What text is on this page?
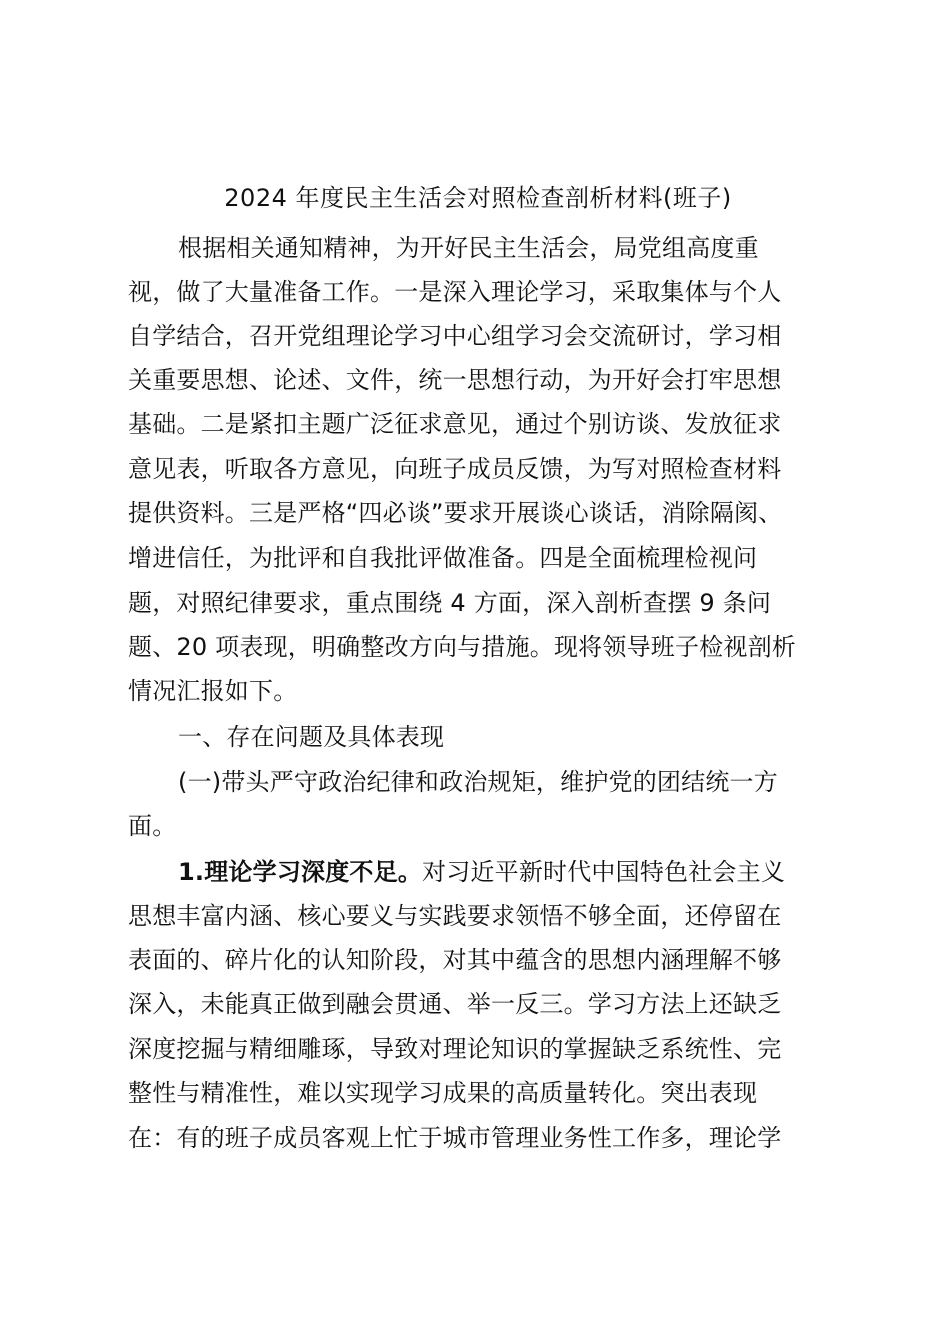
2024 年度民主生活会对照检查剖析材料(班子)
根据相关通知精神，为开好民主生活会，局党组高度重
视，做了大量准备工作。一是深入理论学习，采取集体与个人
自学结合，召开党组理论学习中心组学习会交流研讨，学习相
关重要思想、论述、文件，统一思想行动，为开好会打牢思想
基础。二是紧扣主题广泛征求意见，通过个别访谈、发放征求
意见表，听取各方意见，向班子成员反馈，为写对照检查材料
提供资料。三是严格“四必谈”要求开展谈心谈话，消除隔阂、
增进信任，为批评和自我批评做准备。四是全面梳理检视问
题，对照纪律要求，重点围绕 4 方面，深入剖析查摆 9 条问
题、20 项表现，明确整改方向与措施。现将领导班子检视剖析
情况汇报如下。
一、存在问题及具体表现
(一)带头严守政治纪律和政治规矩，维护党的团结统一方
面。
1.理论学习深度不足。对习近平新时代中国特色社会主义
思想丰富内涵、核心要义与实践要求领悟不够全面，还停留在
表面的、碎片化的认知阶段，对其中蕴含的思想内涵理解不够
深入，未能真正做到融会贯通、举一反三。学习方法上还缺乏
深度挖掘与精细雕琢，导致对理论知识的掌握缺乏系统性、完
整性与精准性，难以实现学习成果的高质量转化。突出表现
在：有的班子成员客观上忙于城市管理业务性工作多，理论学
